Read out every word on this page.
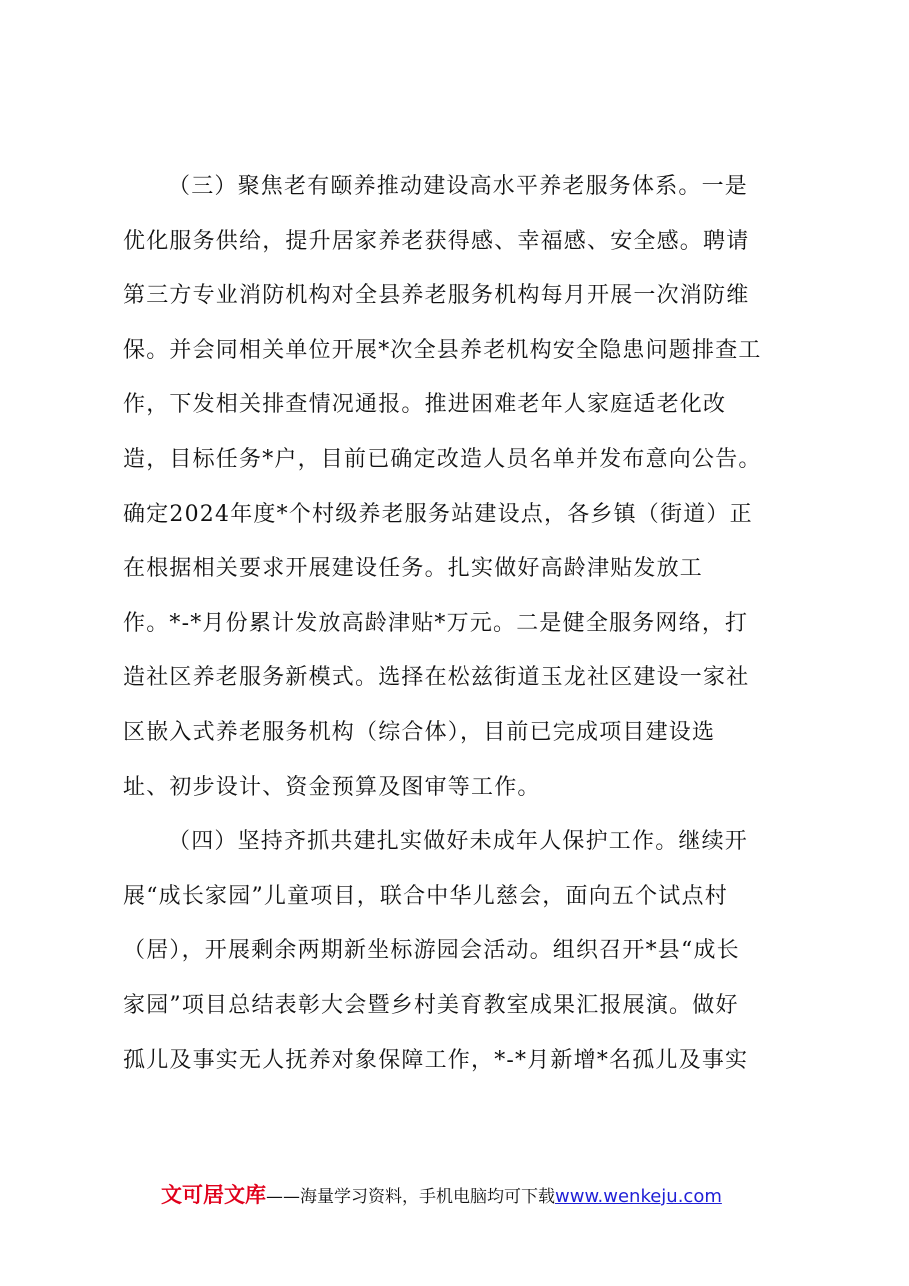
（三）聚焦老有颐养推动建设高水平养老服务体系。一是
优化服务供给，提升居家养老获得感、幸福感、安全感。聘请
第三方专业消防机构对全县养老服务机构每月开展一次消防维
保。并会同相关单位开展*次全县养老机构安全隐患问题排查工
作，下发相关排查情况通报。推进困难老年人家庭适老化改
造，目标任务*户，目前已确定改造人员名单并发布意向公告。
确定2024年度*个村级养老服务站建设点，各乡镇（街道）正
在根据相关要求开展建设任务。扎实做好高龄津贴发放工
作。*-*月份累计发放高龄津贴*万元。二是健全服务网络，打
造社区养老服务新模式。选择在松兹街道玉龙社区建设一家社
区嵌入式养老服务机构（综合体），目前已完成项目建设选
址、初步设计、资金预算及图审等工作。
（四）坚持齐抓共建扎实做好未成年人保护工作。继续开
展“成长家园”儿童项目，联合中华儿慈会，面向五个试点村
（居），开展剩余两期新坐标游园会活动。组织召开*县“成长
家园”项目总结表彰大会暨乡村美育教室成果汇报展演。做好
孤儿及事实无人抚养对象保障工作，*-*月新增*名孤儿及事实
文可居文库——海量学习资料，手机电脑均可下载www.wenkeju.com
